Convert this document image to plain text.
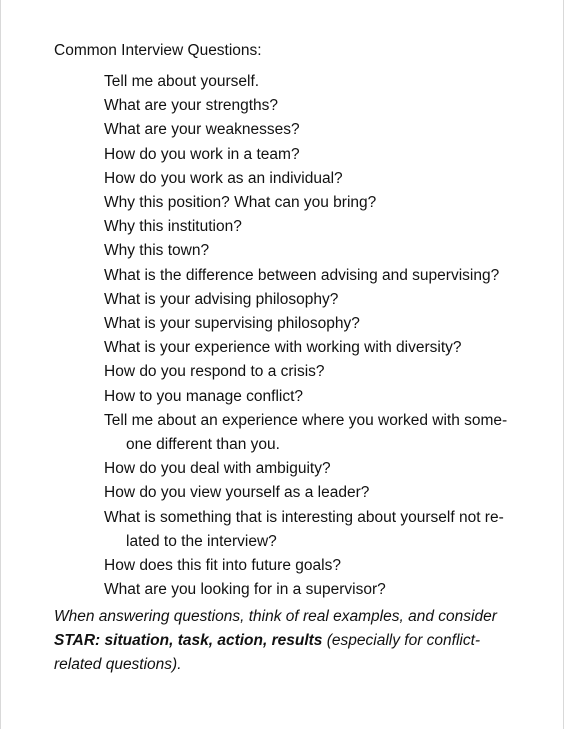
Common Interview Questions:
Tell me about yourself.
What are your strengths?
What are your weaknesses?
How do you work in a team?
How do you work as an individual?
Why this position? What can you bring?
Why this institution?
Why this town?
What is the difference between advising and supervising?
What is your advising philosophy?
What is your supervising philosophy?
What is your experience with working with diversity?
How do you respond to a crisis?
How to you manage conflict?
Tell me about an experience where you worked with some-
one different than you.
How do you deal with ambiguity?
How do you view yourself as a leader?
What is something that is interesting about yourself not re-
lated to the interview?
How does this fit into future goals?
What are you looking for in a supervisor?
When answering questions, think of real examples, and consider
STAR: situation, task, action, results (especially for conflict-related questions).
